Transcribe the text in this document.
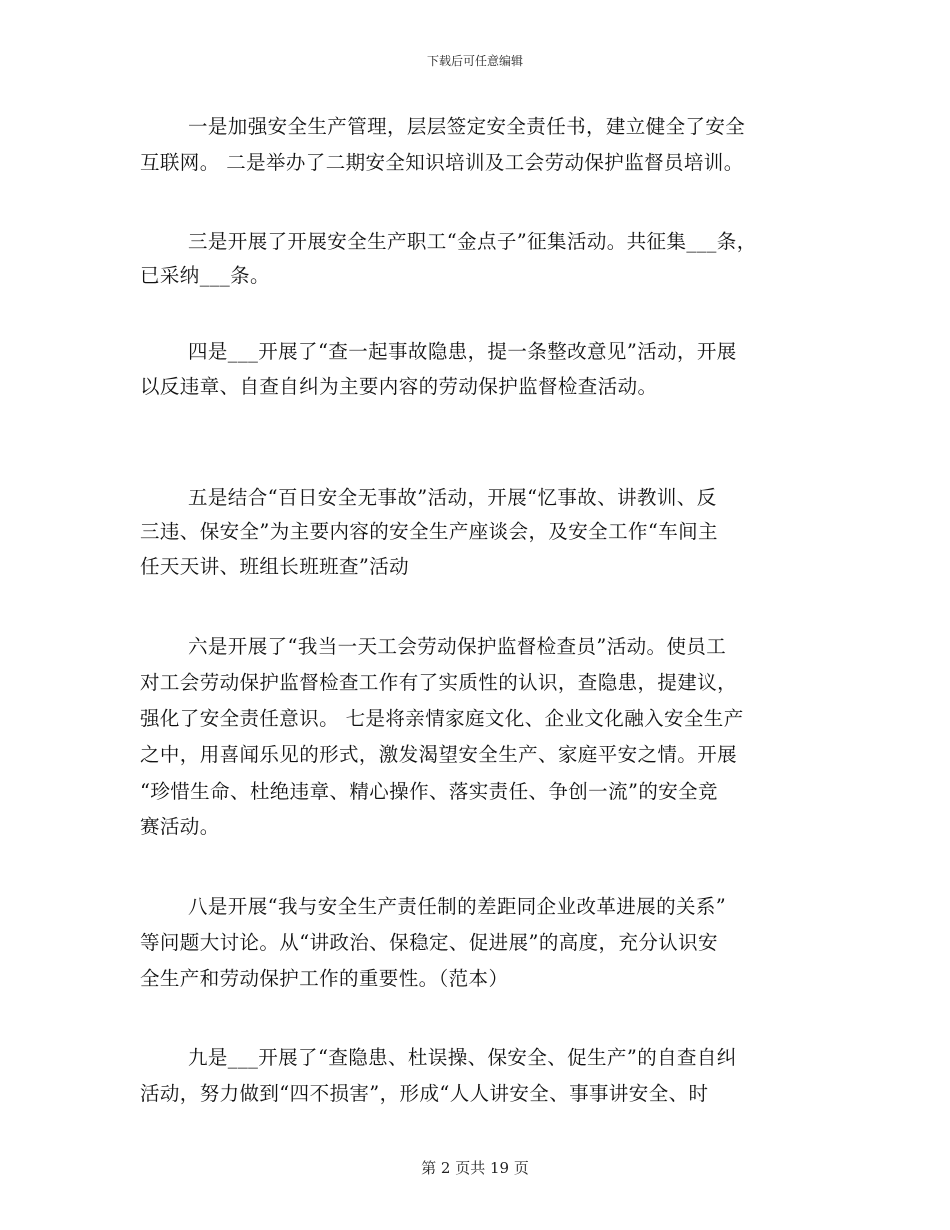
下载后可任意编辑
一是加强安全生产管理，层层签定安全责任书，建立健全了安全
互联网。 二是举办了二期安全知识培训及工会劳动保护监督员培训。
三是开展了开展安全生产职工“金点子”征集活动。共征集___条，
已采纳___条。
四是___开展了“查一起事故隐患，提一条整改意见”活动，开展
以反违章、自查自纠为主要内容的劳动保护监督检查活动。
五是结合“百日安全无事故”活动，开展“忆事故、讲教训、反
三违、保安全”为主要内容的安全生产座谈会，及安全工作“车间主
任天天讲、班组长班班查”活动
六是开展了“我当一天工会劳动保护监督检查员”活动。使员工
对工会劳动保护监督检查工作有了实质性的认识，查隐患，提建议，
强化了安全责任意识。 七是将亲情家庭文化、企业文化融入安全生产
之中，用喜闻乐见的形式，激发渴望安全生产、家庭平安之情。开展
“珍惜生命、杜绝违章、精心操作、落实责任、争创一流”的安全竞
赛活动。
八是开展“我与安全生产责任制的差距同企业改革进展的关系”
等问题大讨论。从“讲政治、保稳定、促进展”的高度，充分认识安
全生产和劳动保护工作的重要性。（范本）
九是___开展了“查隐患、杜误操、保安全、促生产”的自查自纠
活动，努力做到“四不损害”，形成“人人讲安全、事事讲安全、时
第 2 页共 19 页
